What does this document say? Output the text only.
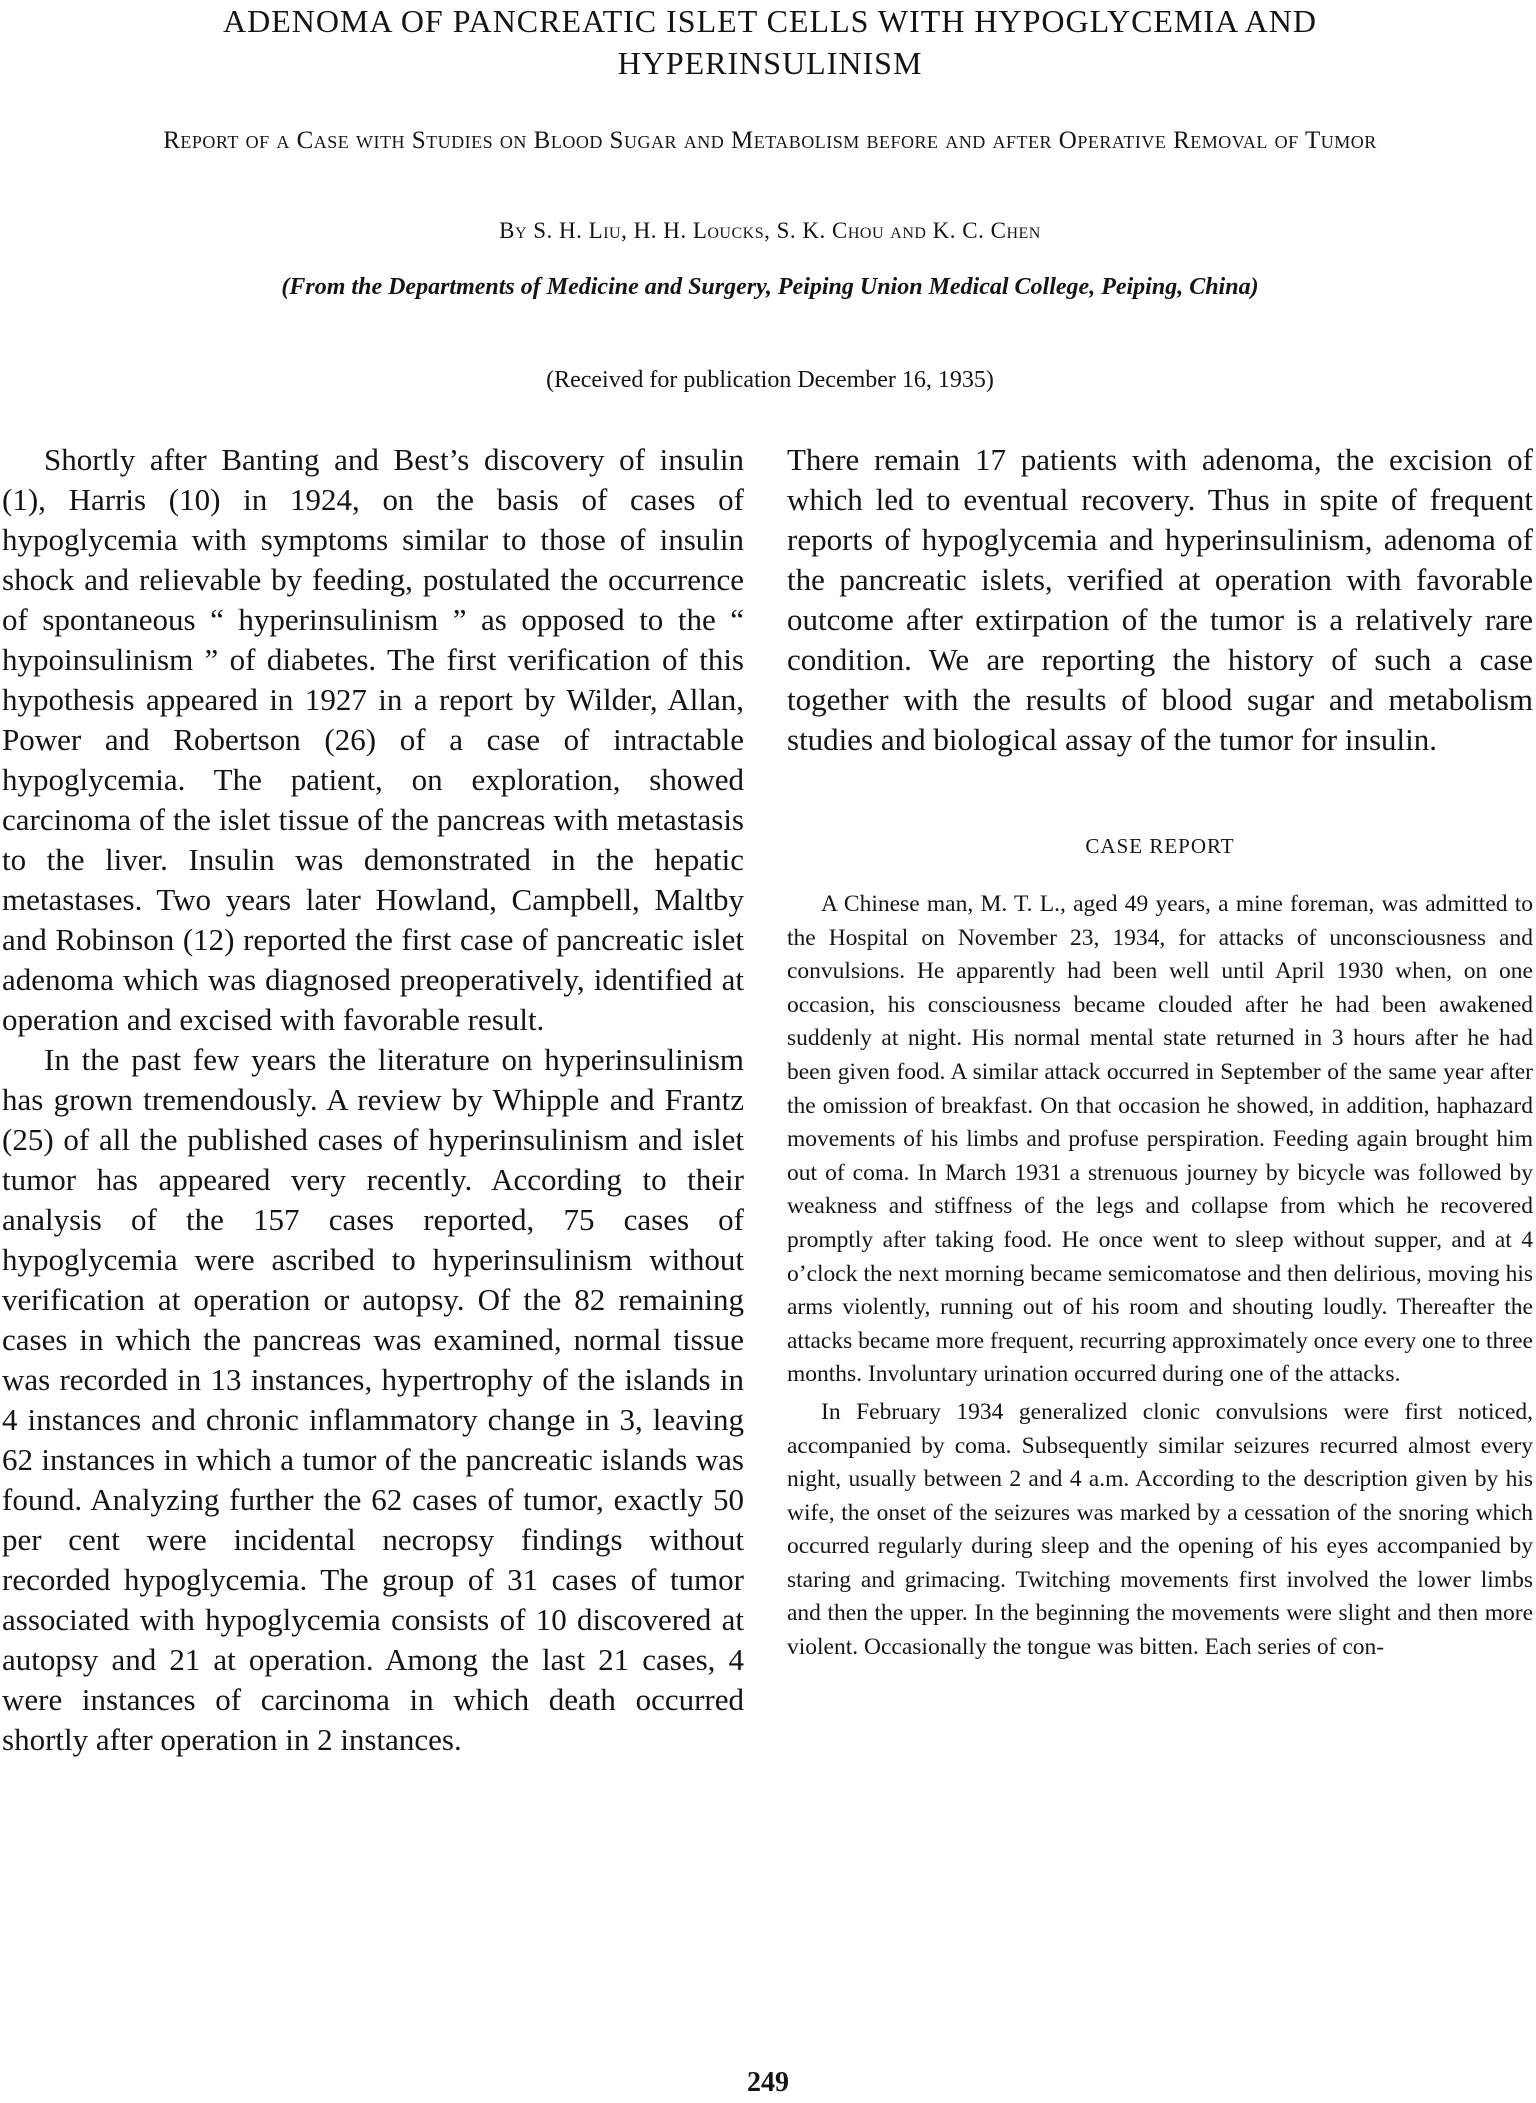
ADENOMA OF PANCREATIC ISLET CELLS WITH HYPOGLYCEMIA AND HYPERINSULINISM
Report of a Case with Studies on Blood Sugar and Metabolism before and after Operative Removal of Tumor
By S. H. Liu, H. H. Loucks, S. K. Chou and K. C. Chen
(From the Departments of Medicine and Surgery, Peiping Union Medical College, Peiping, China)
(Received for publication December 16, 1935)

Shortly after Banting and Best’s discovery of insulin (1), Harris (10) in 1924, on the basis of cases of hypoglycemia with symptoms similar to those of insulin shock and relievable by feeding, postulated the occurrence of spontaneous “ hyperinsulinism ” as opposed to the “ hypoinsulinism ” of diabetes. The first verification of this hypothesis appeared in 1927 in a report by Wilder, Allan, Power and Robertson (26) of a case of intractable hypoglycemia. The patient, on exploration, showed carcinoma of the islet tissue of the pancreas with metastasis to the liver. Insulin was demonstrated in the hepatic metastases. Two years later Howland, Campbell, Maltby and Robinson (12) reported the first case of pancreatic islet adenoma which was diagnosed preoperatively, identified at operation and excised with favorable result.

In the past few years the literature on hyperinsulinism has grown tremendously. A review by Whipple and Frantz (25) of all the published cases of hyperinsulinism and islet tumor has appeared very recently. According to their analysis of the 157 cases reported, 75 cases of hypoglycemia were ascribed to hyperinsulinism without verification at operation or autopsy. Of the 82 remaining cases in which the pancreas was examined, normal tissue was recorded in 13 instances, hypertrophy of the islands in 4 instances and chronic inflammatory change in 3, leaving 62 instances in which a tumor of the pancreatic islands was found. Analyzing further the 62 cases of tumor, exactly 50 per cent were incidental necropsy findings without recorded hypoglycemia. The group of 31 cases of tumor associated with hypoglycemia consists of 10 discovered at autopsy and 21 at operation. Among the last 21 cases, 4 were instances of carcinoma in which death occurred shortly after operation in 2 instances.

There remain 17 patients with adenoma, the excision of which led to eventual recovery. Thus in spite of frequent reports of hypoglycemia and hyperinsulinism, adenoma of the pancreatic islets, verified at operation with favorable outcome after extirpation of the tumor is a relatively rare condition. We are reporting the history of such a case together with the results of blood sugar and metabolism studies and biological assay of the tumor for insulin.

CASE REPORT

A Chinese man, M. T. L., aged 49 years, a mine foreman, was admitted to the Hospital on November 23, 1934, for attacks of unconsciousness and convulsions. He apparently had been well until April 1930 when, on one occasion, his consciousness became clouded after he had been awakened suddenly at night. His normal mental state returned in 3 hours after he had been given food. A similar attack occurred in September of the same year after the omission of breakfast. On that occasion he showed, in addition, haphazard movements of his limbs and profuse perspiration. Feeding again brought him out of coma. In March 1931 a strenuous journey by bicycle was followed by weakness and stiffness of the legs and collapse from which he recovered promptly after taking food. He once went to sleep without supper, and at 4 o’clock the next morning became semicomatose and then delirious, moving his arms violently, running out of his room and shouting loudly. Thereafter the attacks became more frequent, recurring approximately once every one to three months. Involuntary urination occurred during one of the attacks.

In February 1934 generalized clonic convulsions were first noticed, accompanied by coma. Subsequently similar seizures recurred almost every night, usually between 2 and 4 a.m. According to the description given by his wife, the onset of the seizures was marked by a cessation of the snoring which occurred regularly during sleep and the opening of his eyes accompanied by staring and grimacing. Twitching movements first involved the lower limbs and then the upper. In the beginning the movements were slight and then more violent. Occasionally the tongue was bitten. Each series of con-

249
